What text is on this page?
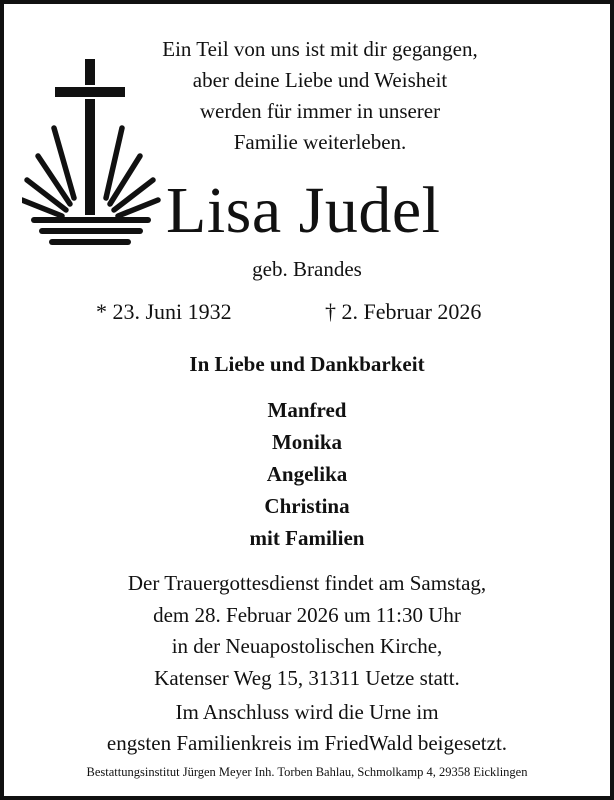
Ein Teil von uns ist mit dir gegangen,
aber deine Liebe und Weisheit
werden für immer in unserer
Familie weiterleben.
Lisa Judel
geb. Brandes
* 23. Juni 1932	† 2. Februar 2026
In Liebe und Dankbarkeit
Manfred
Monika
Angelika
Christina
mit Familien
Der Trauergottesdienst findet am Samstag,
dem 28. Februar 2026 um 11:30 Uhr
in der Neuapostolischen Kirche,
Katenser Weg 15, 31311 Uetze statt.
Im Anschluss wird die Urne im
engsten Familienkreis im FriedWald beigesetzt.
Bestattungsinstitut Jürgen Meyer Inh. Torben Bahlau, Schmolkamp 4, 29358 Eicklingen
